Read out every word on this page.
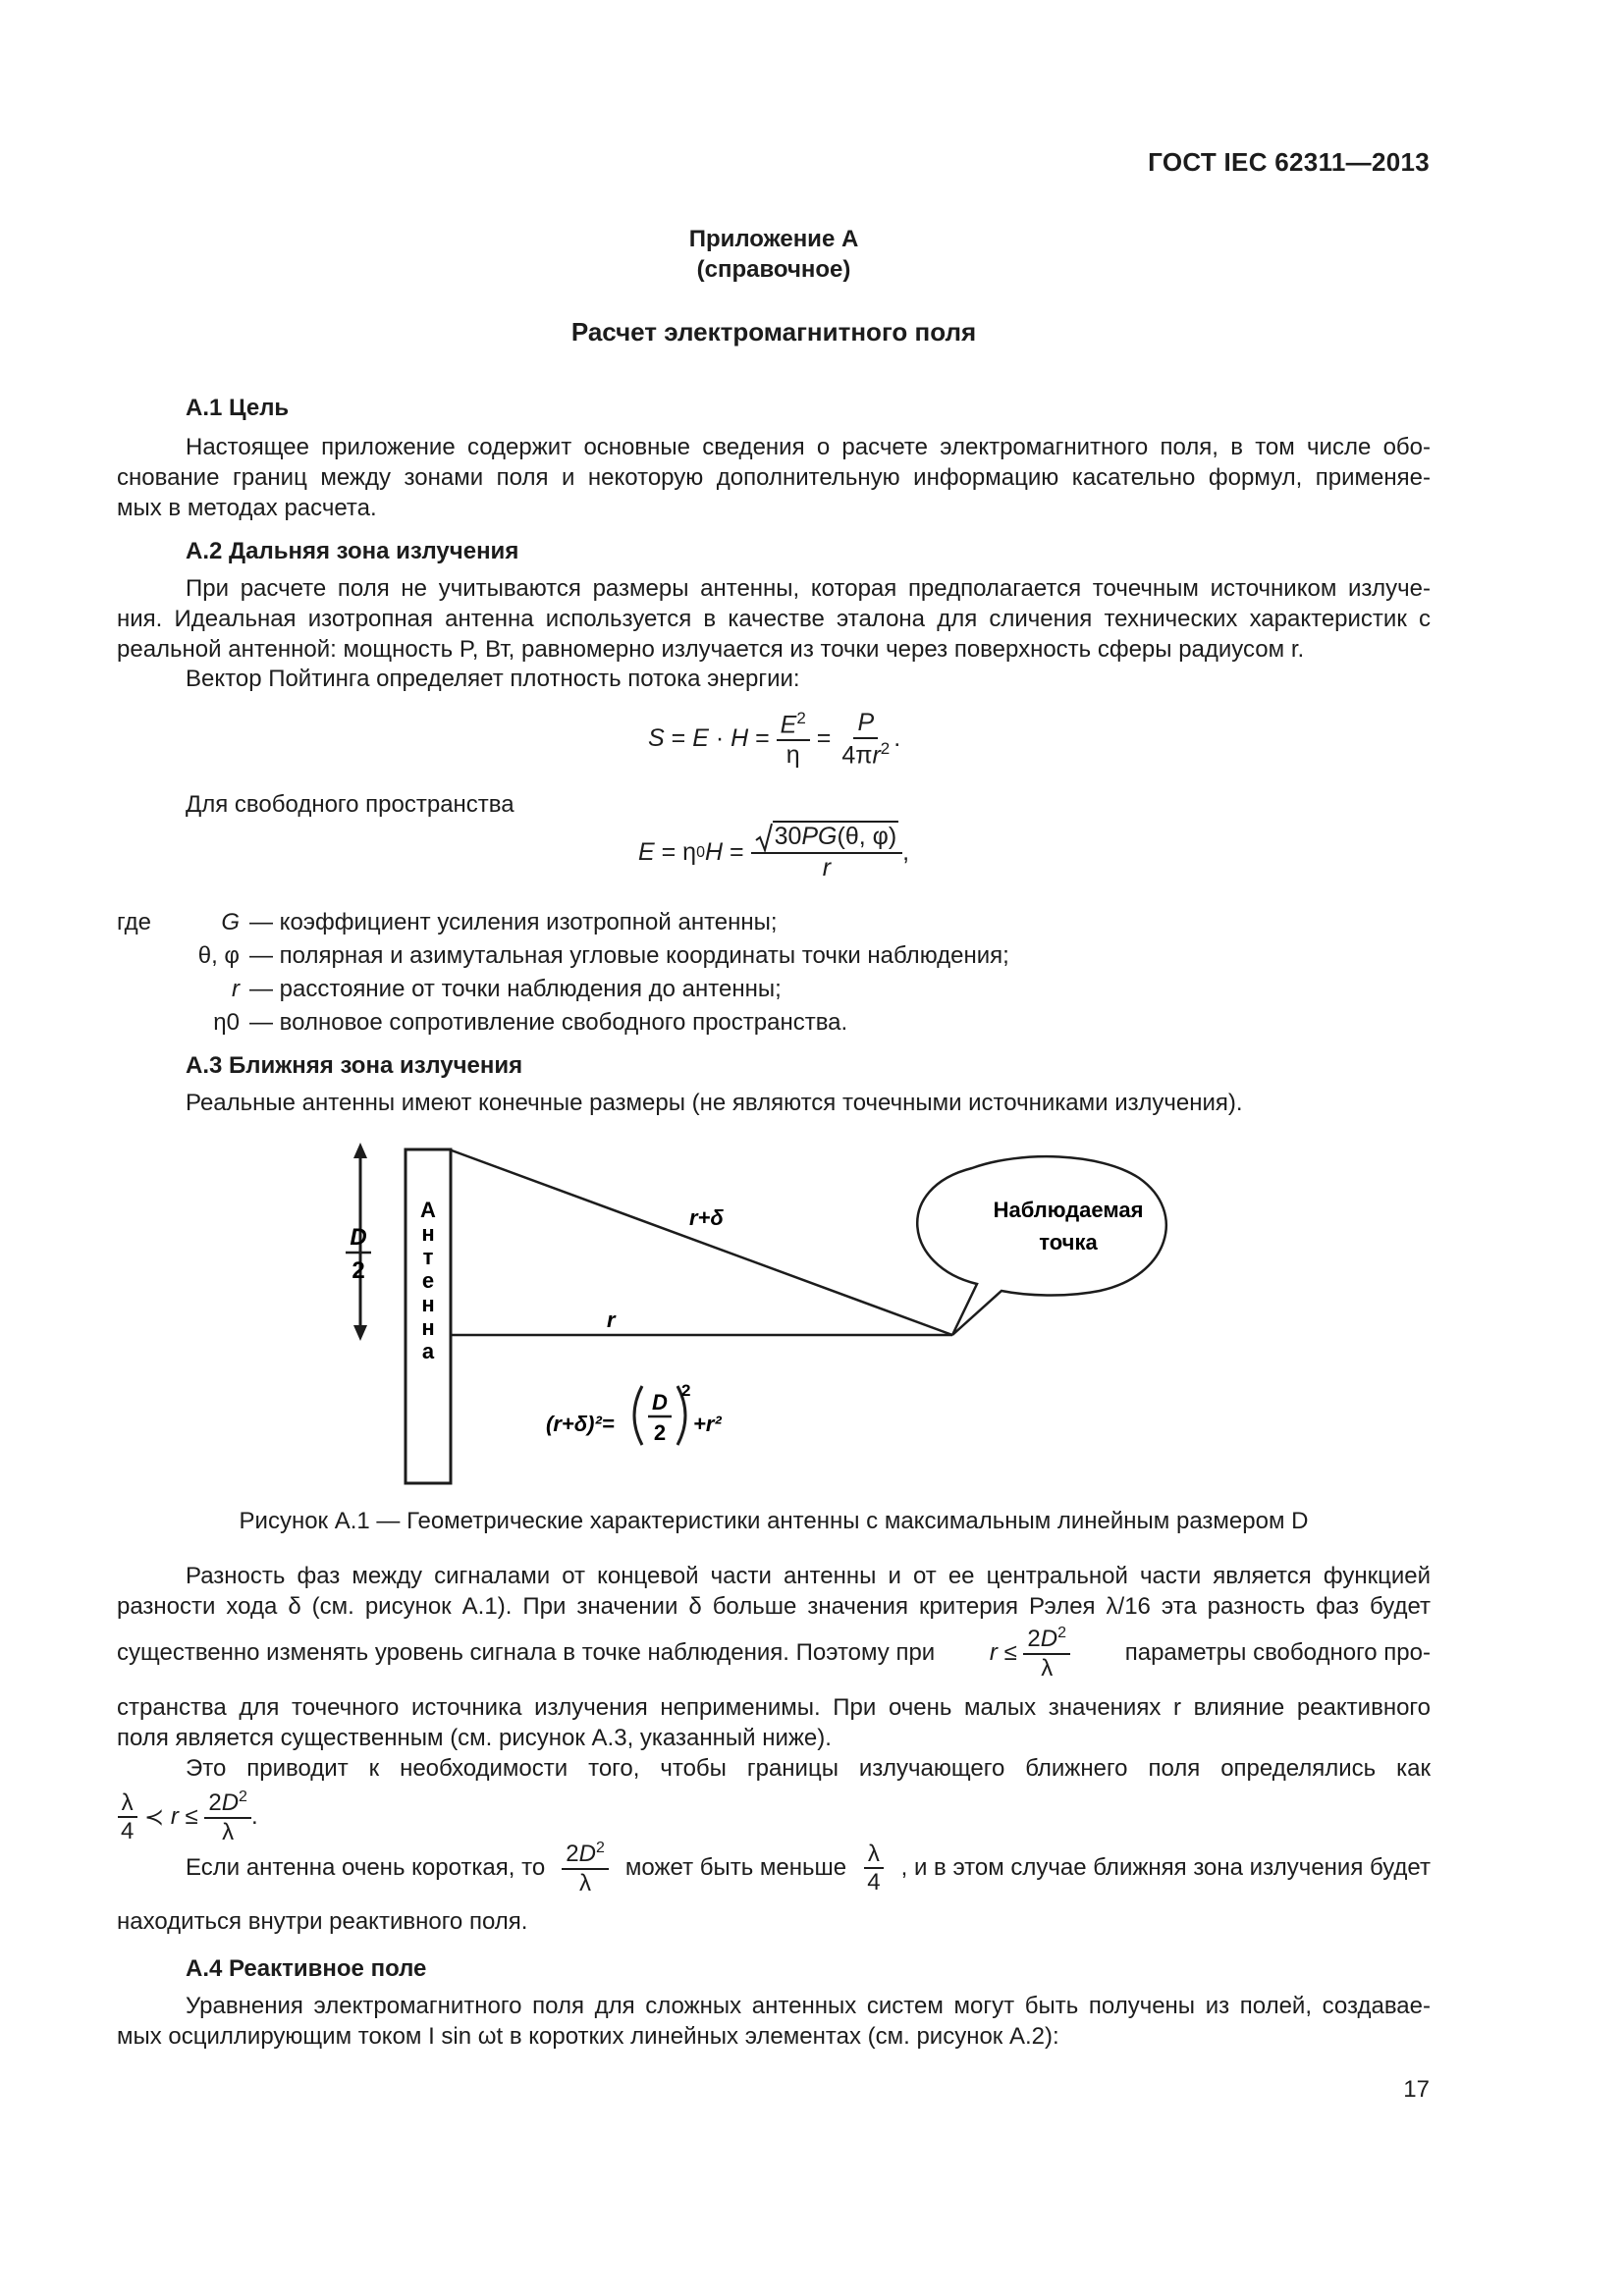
ГОСТ IEC 62311—2013
Приложение А
(справочное)
Расчет электромагнитного поля
А.1 Цель

Настоящее приложение содержит основные сведения о расчете электромагнитного поля, в том числе обо-
снование границ между зонами поля и некоторую дополнительную информацию касательно формул, применяе-
мых в методах расчета.

А.2 Дальняя зона излучения

При расчете поля не учитываются размеры антенны, которая предполагается точечным источником излуче-
ния. Идеальная изотропная антенна используется в качестве эталона для сличения технических характеристик с
реальной антенной: мощность P, Вт, равномерно излучается из точки через поверхность сферы радиусом r.

Вектор Пойтинга определяет плотность потока энергии:
$S = E \cdot H = \frac{E^2}{\eta} = \frac{P}{4\pi r^2}$ .
Для свободного пространства
E = η 0 $H = \frac{30PG(\theta, \varphi)}{r}$ ,
где	G — коэффициент усиления изотропной антенны;
θ, φ — полярная и азимутальная угловые координаты точки наблюдения;
r — расстояние от точки наблюдения до антенны;
η0 — волновое сопротивление свободного пространства.
А.3 Ближняя зона излучения
Реальные антенны имеют конечные размеры (не являются точечными источниками излучения).
D
2
А
н
т
е
н
н
а
r+δ
r
Наблюдаемая
точка
(r+δ)²=
D
2
2
+r²
Рисунок А.1 — Геометрические характеристики антенны с максимальным линейным размером D

Разность фаз между сигналами от концевой части антенны и от ее центральной части является функцией
разности хода δ (см. рисунок А.1). При значении δ больше значения критерия Рэлея λ/16 эта разность фаз будет

существенно изменять уровень сигнала в точке наблюдения. Поэтому при $r \le \frac{2D^2}{\lambda}$ параметры свободного про-

странства для точечного источника излучения неприменимы. При очень малых значениях r влияние реактивного
поля является существенным (см. рисунок А.3, указанный ниже).

Это приводит к необходимости того, чтобы границы излучающего ближнего поля определялись как

$\frac{\lambda}{4}$ ≺ $r \le \frac{2D^2}{\lambda}$ .
Если антенна очень короткая, то $\frac{2D^2}{\lambda}$ может быть меньше $\frac{\lambda}{4}$ , и в этом случае ближняя зона излучения будет
находиться внутри реактивного поля.
А.4 Реактивное поле

Уравнения электромагнитного поля для сложных антенных систем могут быть получены из полей, создавае-
мых осциллирующим током I sin ωt в коротких линейных элементах (см. рисунок А.2):

17
